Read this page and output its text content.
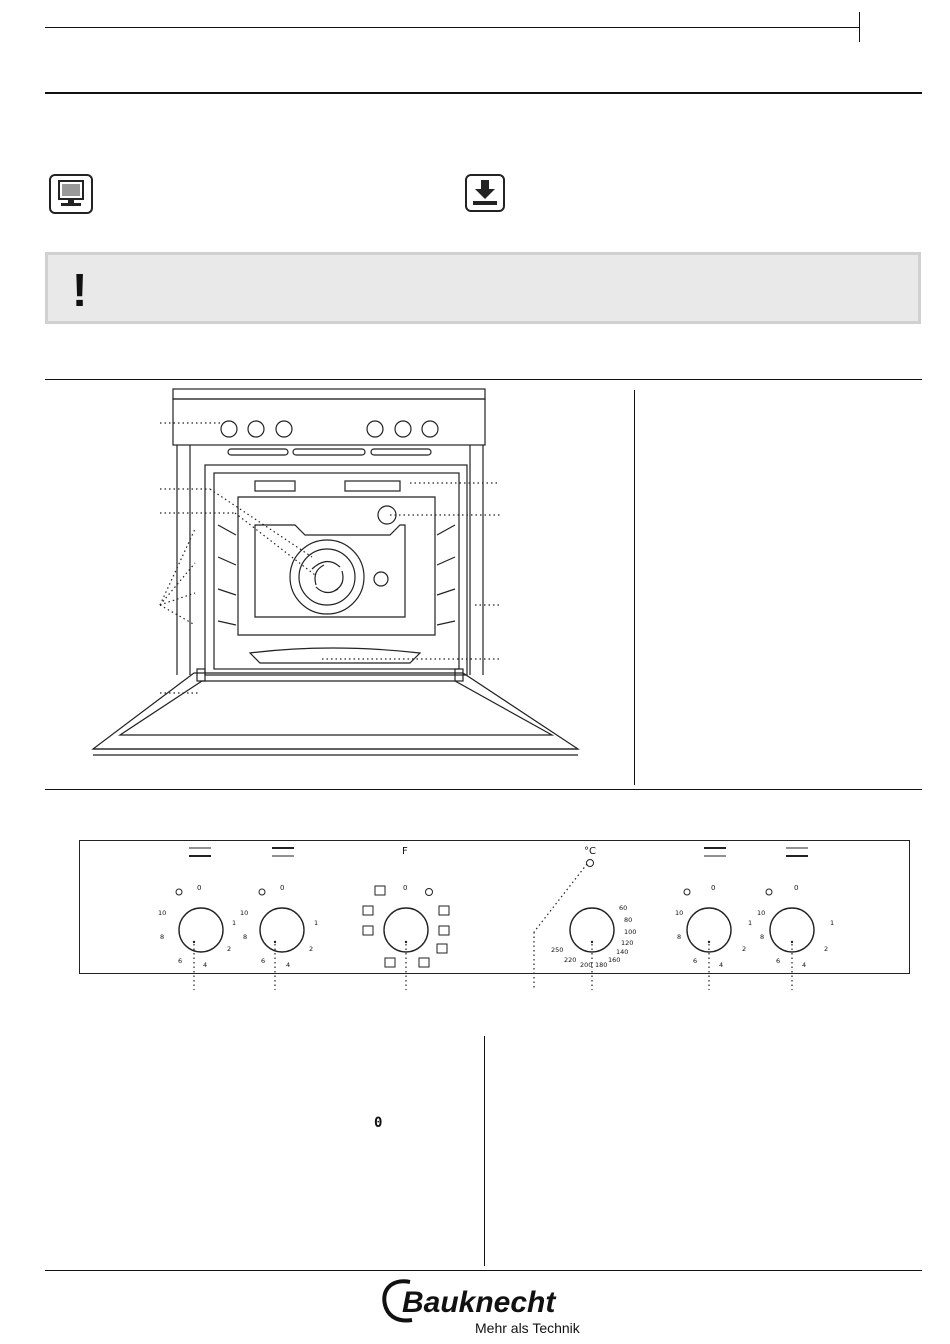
!
F	°C
0	0	0	0	0
10
1
8
2
6	4
10
1
8
2
6	4
10
1
8
2
6	4
10
1
8
2
6	4
60
80
100
120
140
160
180
200
220
250
0
Bauknecht
Mehr als Technik
